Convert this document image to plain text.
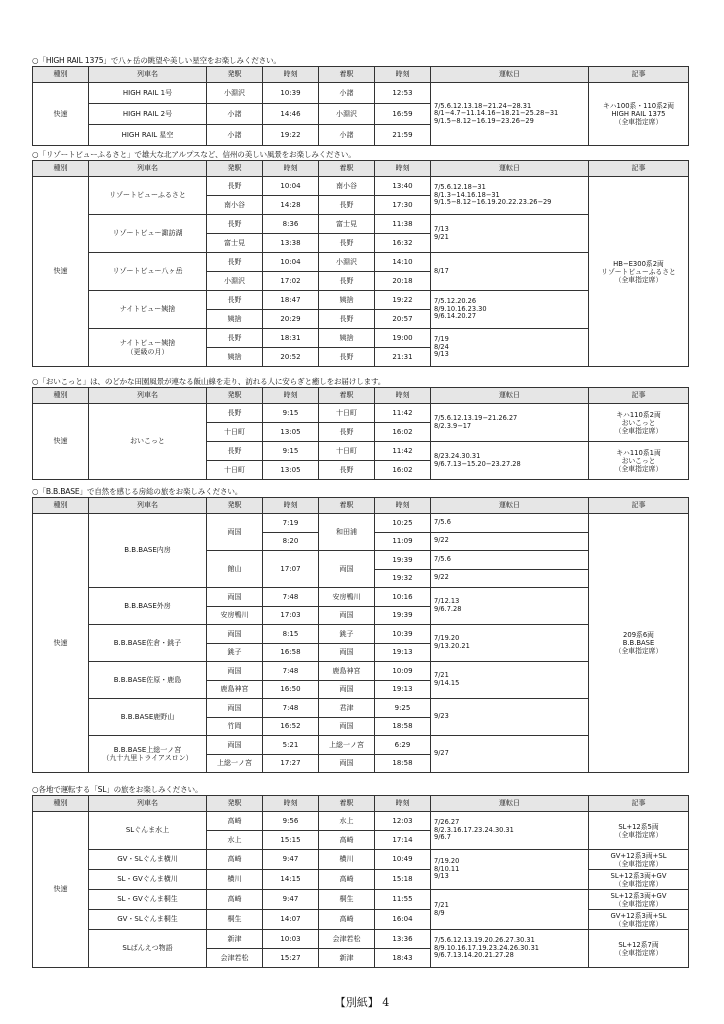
○「HIGH RAIL 1375」で八ヶ岳の眺望や美しい星空をお楽しみください。
種別	列車名	発駅	時刻	着駅	時刻	運転日	記事
快速	HIGH RAIL 1号	小淵沢	10:39	小諸	12:53	7/5.6.12.13.18−21.24−28.31
8/1−4.7−11.14.16−18.21−25.28−31
9/1.5−8.12−16.19−23.26−29	キハ100系・110系2両
HIGH RAIL 1375
（全車指定席）
	HIGH RAIL 2号	小諸	14:46	小淵沢	16:59		
	HIGH RAIL 星空	小諸	19:22	小諸	21:59		
○「リゾートビューふるさと」で雄大な北アルプスなど、信州の美しい風景をお楽しみください。
種別	列車名	発駅	時刻	着駅	時刻	運転日	記事
快速	リゾートビューふるさと	長野	10:04	南小谷	13:40	7/5.6.12.18−31
8/1.3−14.16.18−31
9/1.5−8.12−16.19.20.22.23.26−29	HB−E300系2両
リゾートビューふるさと
（全車指定席）
		南小谷	14:28	長野	17:30		
	リゾートビュー諏訪湖	長野	8:36	富士見	11:38	7/13
9/21	
		富士見	13:38	長野	16:32		
	リゾートビュー八ヶ岳	長野	10:04	小淵沢	14:10	8/17	
		小淵沢	17:02	長野	20:18		
	ナイトビュー姨捨	長野	18:47	姨捨	19:22	7/5.12.20.26
8/9.10.16.23.30
9/6.14.20.27	
		姨捨	20:29	長野	20:57		
	ナイトビュー姨捨
（更級の月）	長野	18:31	姨捨	19:00	7/19
8/24
9/13	
		姨捨	20:52	長野	21:31		
○「おいこっと」は、のどかな田園風景が連なる飯山線を走り、訪れる人に安らぎと癒しをお届けします。
種別	列車名	発駅	時刻	着駅	時刻	運転日	記事
快速	おいこっと	長野	9:15	十日町	11:42	7/5.6.12.13.19−21.26.27
8/2.3.9−17	キハ110系2両
おいこっと
（全車指定席）
		十日町	13:05	長野	16:02		
		長野	9:15	十日町	11:42	8/23.24.30.31
9/6.7.13−15.20−23.27.28	キハ110系1両
おいこっと
（全車指定席）
		十日町	13:05	長野	16:02		
○「B.B.BASE」で自然を感じる房総の旅をお楽しみください。
種別	列車名	発駅	時刻	着駅	時刻	運転日	記事
快速	B.B.BASE内房	両国	7:19	和田浦	10:25	7/5.6	209系6両
B.B.BASE
（全車指定席）
			8:20		11:09	9/22	
		館山	17:07	両国	19:39	7/5.6	
					19:32	9/22	
	B.B.BASE外房	両国	7:48	安房鴨川	10:16	7/12.13
9/6.7.28	
		安房鴨川	17:03	両国	19:39		
	B.B.BASE佐倉・銚子	両国	8:15	銚子	10:39	7/19.20
9/13.20.21	
		銚子	16:58	両国	19:13		
	B.B.BASE佐原・鹿島	両国	7:48	鹿島神宮	10:09	7/21
9/14.15	
		鹿島神宮	16:50	両国	19:13		
	B.B.BASE鹿野山	両国	7:48	君津	9:25	9/23	
		竹岡	16:52	両国	18:58		
	B.B.BASE上総一ノ宮
（九十九里トライアスロン）	両国	5:21	上総一ノ宮	6:29	9/27	
		上総一ノ宮	17:27	両国	18:58		
○各地で運転する「SL」の旅をお楽しみください。
種別	列車名	発駅	時刻	着駅	時刻	運転日	記事
快速	SLぐんま水上	高崎	9:56	水上	12:03	7/26.27
8/2.3.16.17.23.24.30.31
9/6.7	SL+12系5両
（全車指定席）
		水上	15:15	高崎	17:14		
	GV・SLぐんま横川	高崎	9:47	横川	10:49	7/19.20
8/10.11
9/13	GV+12系3両+SL
（全車指定席）
	SL・GVぐんま横川	横川	14:15	高崎	15:18		SL+12系3両+GV
（全車指定席）
	SL・GVぐんま桐生	高崎	9:47	桐生	11:55	7/21
8/9	SL+12系3両+GV
（全車指定席）
	GV・SLぐんま桐生	桐生	14:07	高崎	16:04		GV+12系3両+SL
（全車指定席）
	SLばんえつ物語	新津	10:03	会津若松	13:36	7/5.6.12.13.19.20.26.27.30.31
8/9.10.16.17.19.23.24.26.30.31
9/6.7.13.14.20.21.27.28	SL+12系7両
（全車指定席）
		会津若松	15:27	新津	18:43		
【別紙】 4
